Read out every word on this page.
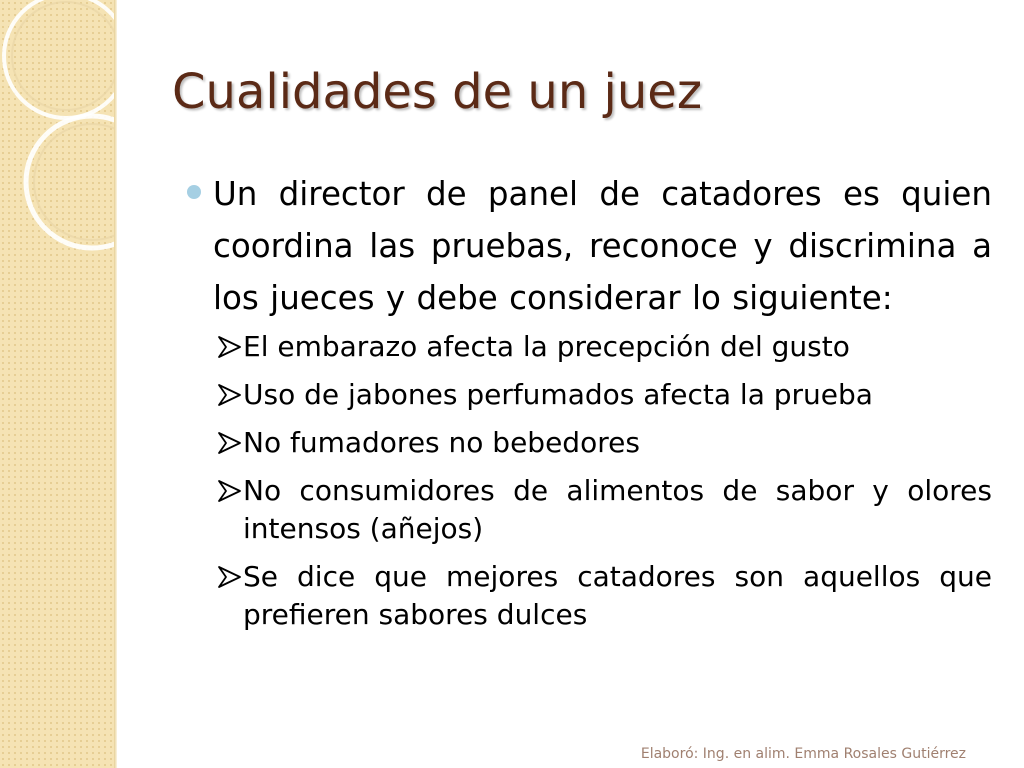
Cualidades de un juez
Un director de panel de catadores es quien coordina las pruebas, reconoce y discrimina a los jueces y debe considerar lo siguiente:
El embarazo afecta la precepción del gusto
Uso de jabones perfumados afecta la prueba
No fumadores no bebedores
No consumidores de alimentos de sabor y olores intensos (añejos)
Se dice que mejores catadores son aquellos que prefieren sabores dulces
Elaboró: Ing. en alim. Emma Rosales Gutiérrez
